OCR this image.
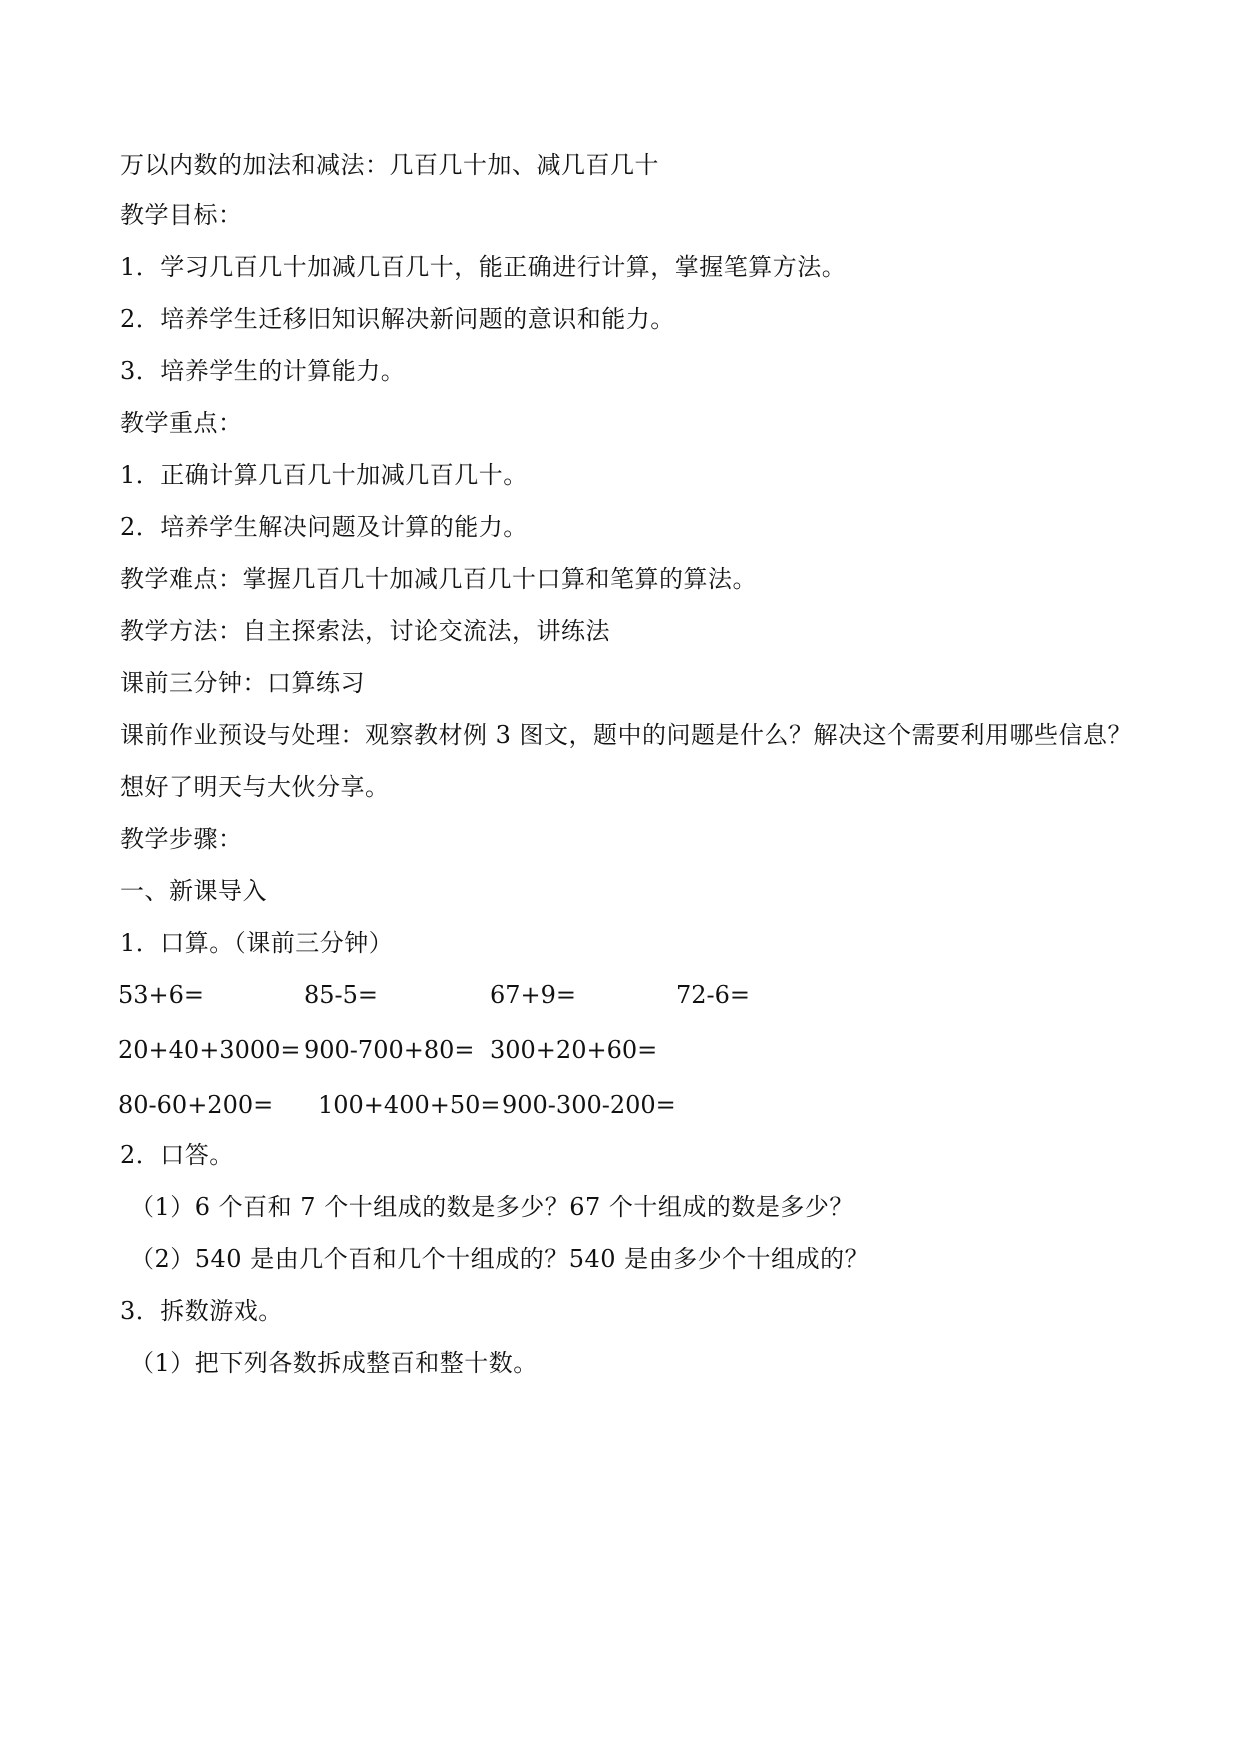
万以内数的加法和减法：几百几十加、减几百几十
教学目标：
1．学习几百几十加减几百几十，能正确进行计算，掌握笔算方法。
2．培养学生迁移旧知识解决新问题的意识和能力。
3．培养学生的计算能力。
教学重点：
1．正确计算几百几十加减几百几十。
2．培养学生解决问题及计算的能力。
教学难点：掌握几百几十加减几百几十口算和笔算的算法。
教学方法：自主探索法，讨论交流法，讲练法
课前三分钟：口算练习
课前作业预设与处理：观察教材例 3 图文，题中的问题是什么？解决这个需要利用哪些信息？
想好了明天与大伙分享。
教学步骤：
一、新课导入
1．口算。（课前三分钟）
53+6=	85-5=	67+9=	72-6=
20+40+3000= 900-700+80= 300+20+60=
80-60+200= 100+400+50= 900-300-200=
2．口答。
（1）6 个百和 7 个十组成的数是多少？67 个十组成的数是多少？
（2）540 是由几个百和几个十组成的？540 是由多少个十组成的？
3．拆数游戏。
（1）把下列各数拆成整百和整十数。
